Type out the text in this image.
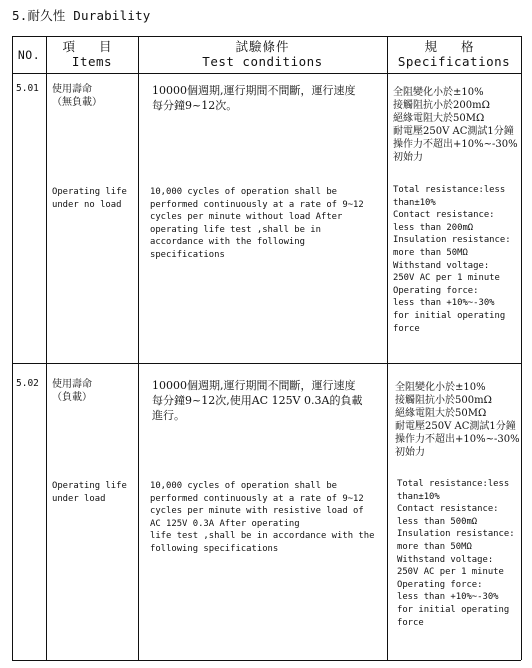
5.耐久性 Durability
NO.
項 目
Items
試驗條件
Test conditions
規 格
Specifications
5.01 使用壽命
（無負載）
10000個週期,運行期間不間斷，運行速度
每分鐘9~12次。
全阻變化小於±10%
接觸阻抗小於200mΩ
絕緣電阻大於50MΩ
耐電壓250V AC測試1分鐘
操作力不超出+10%~-30%
初始力
Operating life
under no load
10,000 cycles of operation shall be
performed continuously at a rate of 9~12
cycles per minute without load After
operating life test ,shall be in
accordance with the following
specifications
Total resistance:less
than±10%
Contact resistance:
less than 200mΩ
Insulation resistance:
more than 50MΩ
Withstand voltage:
250V AC per 1 minute
Operating force:
less than +10%~-30%
for initial operating
force
5.02 使用壽命
（負載）
10000個週期,運行期間不間斷，運行速度
每分鐘9~12次,使用AC 125V 0.3A的負載
進行。
全阻變化小於±10%
接觸阻抗小於500mΩ
絕緣電阻大於50MΩ
耐電壓250V AC測試1分鐘
操作力不超出+10%~-30%
初始力
Operating life
under load
10,000 cycles of operation shall be
performed continuously at a rate of 9~12
cycles per minute with resistive load of
AC 125V 0.3A After operating
life test ,shall be in accordance with the
following specifications
Total resistance:less
than±10%
Contact resistance:
less than 500mΩ
Insulation resistance:
more than 50MΩ
Withstand voltage:
250V AC per 1 minute
Operating force:
less than +10%~-30%
for initial operating
force
